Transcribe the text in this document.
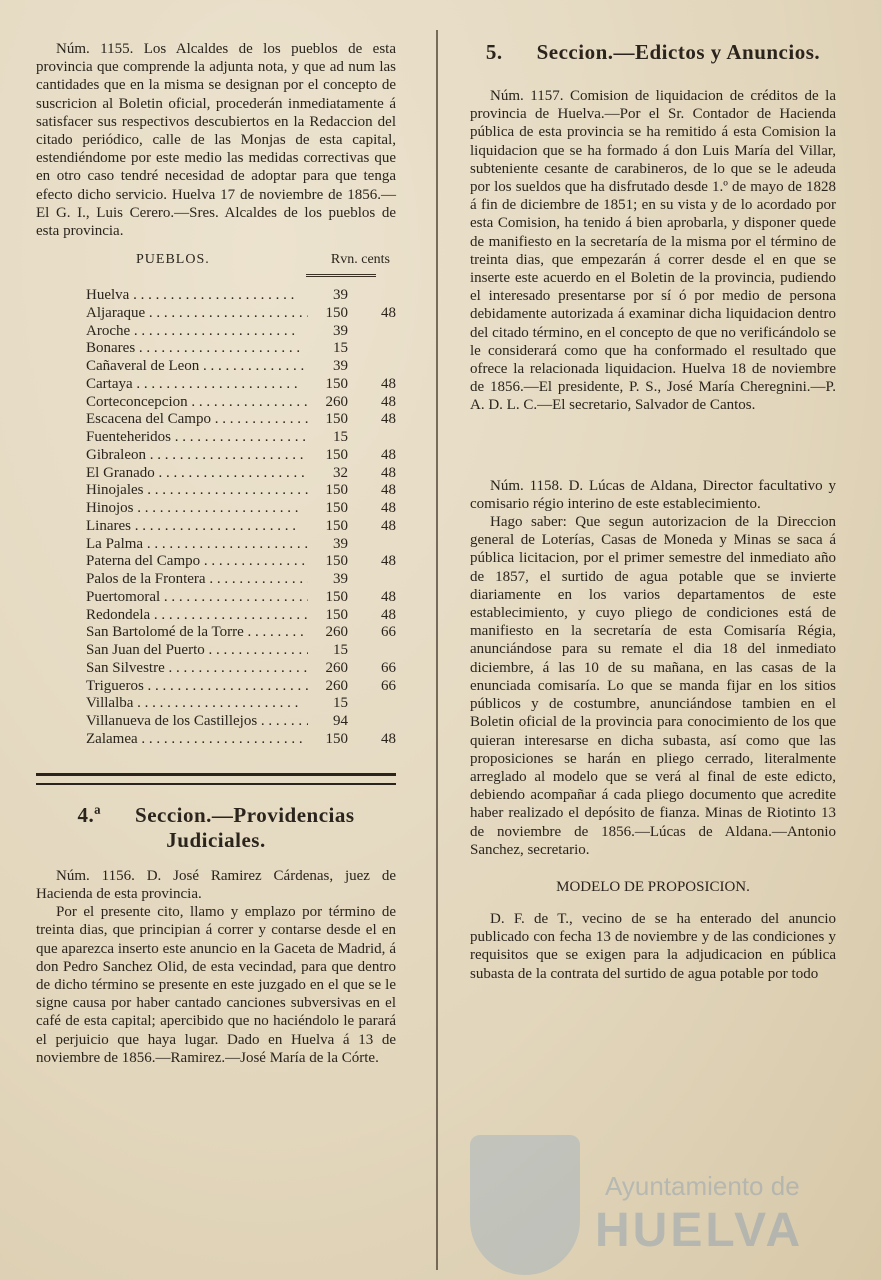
Núm. 1155. Los Alcaldes de los pueblos de esta provincia que comprende la adjunta nota, y que ad num las cantidades que en la misma se designan por el concepto de suscricion al Boletin oficial, procederán inmediatamente á satisfacer sus respectivos descubiertos en la Redaccion del citado periódico, calle de las Monjas de esta capital, estendiéndome por este medio las medidas correctivas que en otro caso tendré necesidad de adoptar para que tenga efecto dicho servicio. Huelva 17 de noviembre de 1856.—El G. I., Luis Cerero.—Sres. Alcaldes de los pueblos de esta provincia.

PUEBLOS.	Rvn. cents
Huelva . . .	39
Aljaraque . . .	150	48
Aroche . . .	39
Bonares . . .	15
Cañaveral de Leon . . .	39
Cartaya . . .	150	48
Corteconcepcion . . .	260	48
Escacena del Campo . . .	150	48
Fuenteheridos . . .	15
Gibraleon . . .	150	48
El Granado . . .	32	48
Hinojales . . .	150	48
Hinojos . . .	150	48
Linares . . .	150	48
La Palma . . .	39
Paterna del Campo . . .	150	48
Palos de la Frontera . . .	39
Puertomoral . . .	150	48
Redondela . . .	150	48
San Bartolomé de la Torre . . .	260	66
San Juan del Puerto . . .	15
San Silvestre . . .	260	66
Trigueros . . .	260	66
Villalba . . .	15
Villanueva de los Castillejos . . .	94
Zalamea . . .	150	48
4.ª Seccion.—Providencias Judiciales.

Núm. 1156. D. José Ramirez Cárdenas, juez de Hacienda de esta provincia.

Por el presente cito, llamo y emplazo por término de treinta dias, que principian á correr y contarse desde el en que aparezca inserto este anuncio en la Gaceta de Madrid, á don Pedro Sanchez Olid, de esta vecindad, para que dentro de dicho término se presente en este juzgado en el que se le signe causa por haber cantado canciones subversivas en el café de esta capital; apercibido que no haciéndolo le parará el perjuicio que haya lugar. Dado en Huelva á 13 de noviembre de 1856.—Ramirez.—José María de la Córte.

5. Seccion.—Edictos y Anuncios.

Núm. 1157. Comision de liquidacion de créditos de la provincia de Huelva.—Por el Sr. Contador de Hacienda pública de esta provincia se ha remitido á esta Comision la liquidacion que se ha formado á don Luis María del Villar, subteniente cesante de carabineros, de lo que se le adeuda por los sueldos que ha disfrutado desde 1.º de mayo de 1828 á fin de diciembre de 1851; en su vista y de lo acordado por esta Comision, ha tenido á bien aprobarla, y disponer quede de manifiesto en la secretaría de la misma por el término de treinta dias, que empezarán á correr desde el en que se inserte este acuerdo en el Boletin de la provincia, pudiendo el interesado presentarse por sí ó por medio de persona debidamente autorizada á examinar dicha liquidacion dentro del citado término, en el concepto de que no verificándolo se le considerará como que ha conformado el resultado que ofrece la relacionada liquidacion. Huelva 18 de noviembre de 1856.—El presidente, P. S., José María Cheregnini.—P. A. D. L. C.—El secretario, Salvador de Cantos.

Núm. 1158. D. Lúcas de Aldana, Director facultativo y comisario régio interino de este establecimiento.

Hago saber: Que segun autorizacion de la Direccion general de Loterías, Casas de Moneda y Minas se saca á pública licitacion, por el primer semestre del inmediato año de 1857, el surtido de agua potable que se invierte diariamente en los varios departamentos de este establecimiento, y cuyo pliego de condiciones está de manifiesto en la secretaría de esta Comisaría Régia, anunciándose para su remate el dia 18 del inmediato diciembre, á las 10 de su mañana, en las casas de la enunciada comisaría. Lo que se manda fijar en los sitios públicos y de costumbre, anunciándose tambien en el Boletin oficial de la provincia para conocimiento de los que quieran interesarse en dicha subasta, así como que las proposiciones se harán en pliego cerrado, literalmente arreglado al modelo que se verá al final de este edicto, debiendo acompañar á cada pliego documento que acredite haber realizado el depósito de fianza. Minas de Riotinto 13 de noviembre de 1856.—Lúcas de Aldana.—Antonio Sanchez, secretario.

MODELO DE PROPOSICION.

D. F. de T., vecino de se ha enterado del anuncio publicado con fecha 13 de noviembre y de las condiciones y requisitos que se exigen para la adjudicacion en pública subasta de la contrata del surtido de agua potable por todo

Ayuntamiento de
HUELVA
